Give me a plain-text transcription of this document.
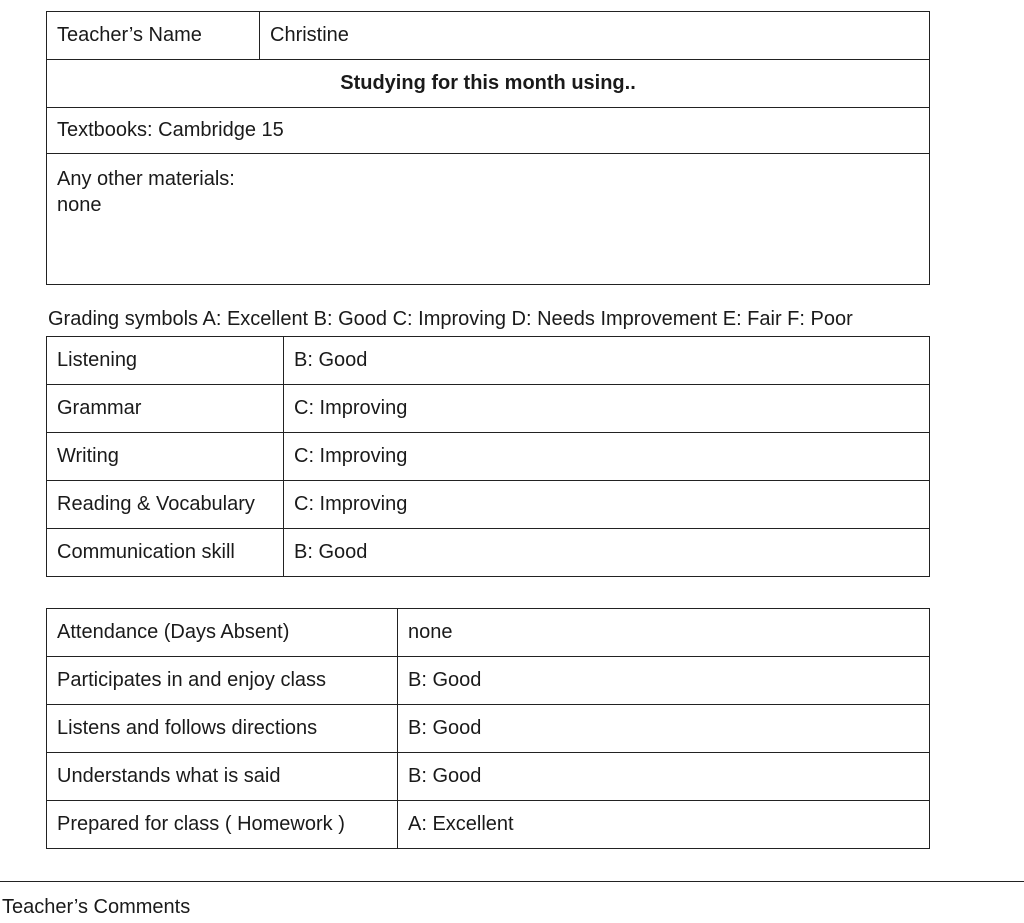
Teacher’s Name	Christine
Studying for this month using..
Textbooks: Cambridge 15

Any other materials:
none
Grading symbols A: Excellent B: Good C: Improving D: Needs Improvement E: Fair F: Poor
Listening	B: Good
Grammar	C: Improving
Writing	C: Improving
Reading & Vocabulary	C: Improving
Communication skill	B: Good
Attendance (Days Absent)	none
Participates in and enjoy class	B: Good
Listens and follows directions	B: Good
Understands what is said	B: Good
Prepared for class ( Homework )	A: Excellent
Teacher’s Comments
